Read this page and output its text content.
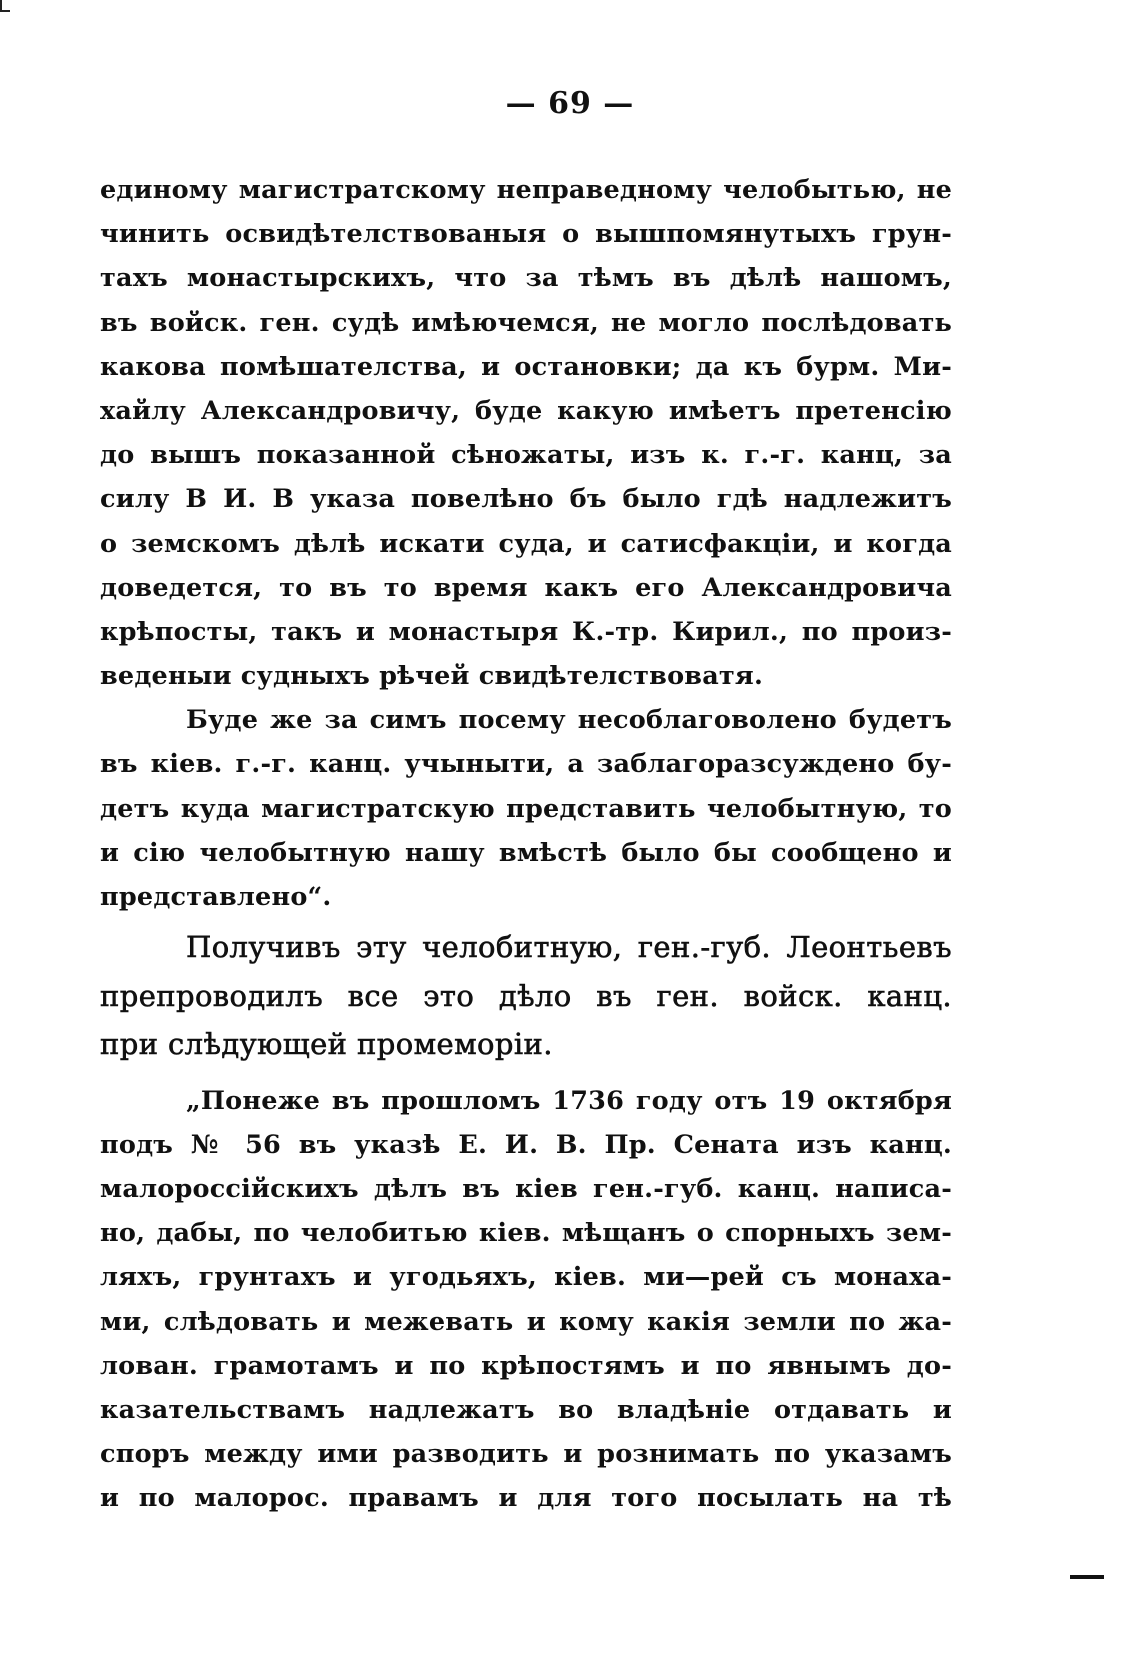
— 69 —
единому магистратскому неправедному челобытью, не
чинить освидѣтелствованыя о вышпомянутыхъ грун-
тахъ монастырскихъ, что за тѣмъ въ дѣлѣ нашомъ,
въ войск. ген. судѣ имѣючемся, не могло послѣдовать
какова помѣшателства, и остановки; да къ бурм. Ми-
хайлу Александровичу, буде какую имѣетъ претенсію
до вышъ показанной сѣножаты, изъ к. г.-г. канц, за
силу В И. В указа повелѣно бъ было гдѣ надлежитъ
о земскомъ дѣлѣ искати суда, и сатисфакціи, и когда
доведется, то въ то время какъ его Александровича
крѣпосты, такъ и монастыря К.-тр. Кирил., по произ-
веденыи судныхъ рѣчей свидѣтелствоватя.
Буде же за симъ посему несоблаговолено будетъ
въ кіев. г.-г. канц. учыныти, а заблагоразсуждено бу-
детъ куда магистратскую представить челобытную, то
и сію челобытную нашу вмѣстѣ было бы сообщено и
представлено“.
Получивъ эту челобитную, ген.-губ. Леонтьевъ
препроводилъ все это дѣло въ ген. войск. канц.
при слѣдующей промеморіи.
„Понеже въ прошломъ 1736 году отъ 19 октября
подъ № 56 въ указѣ Е. И. В. Пр. Сената изъ канц.
малороссійскихъ дѣлъ въ кіев ген.-губ. канц. написа-
но, дабы, по челобитью кіев. мѣщанъ о спорныхъ зем-
ляхъ, грунтахъ и угодьяхъ, кіев. ми—рей съ монаха-
ми, слѣдовать и межевать и кому какія земли по жа-
лован. грамотамъ и по крѣпостямъ и по явнымъ до-
казательствамъ надлежатъ во владѣніе отдавать и
споръ между ими разводить и рознимать по указамъ
и по малорос. правамъ и для того посылать на тѣ
